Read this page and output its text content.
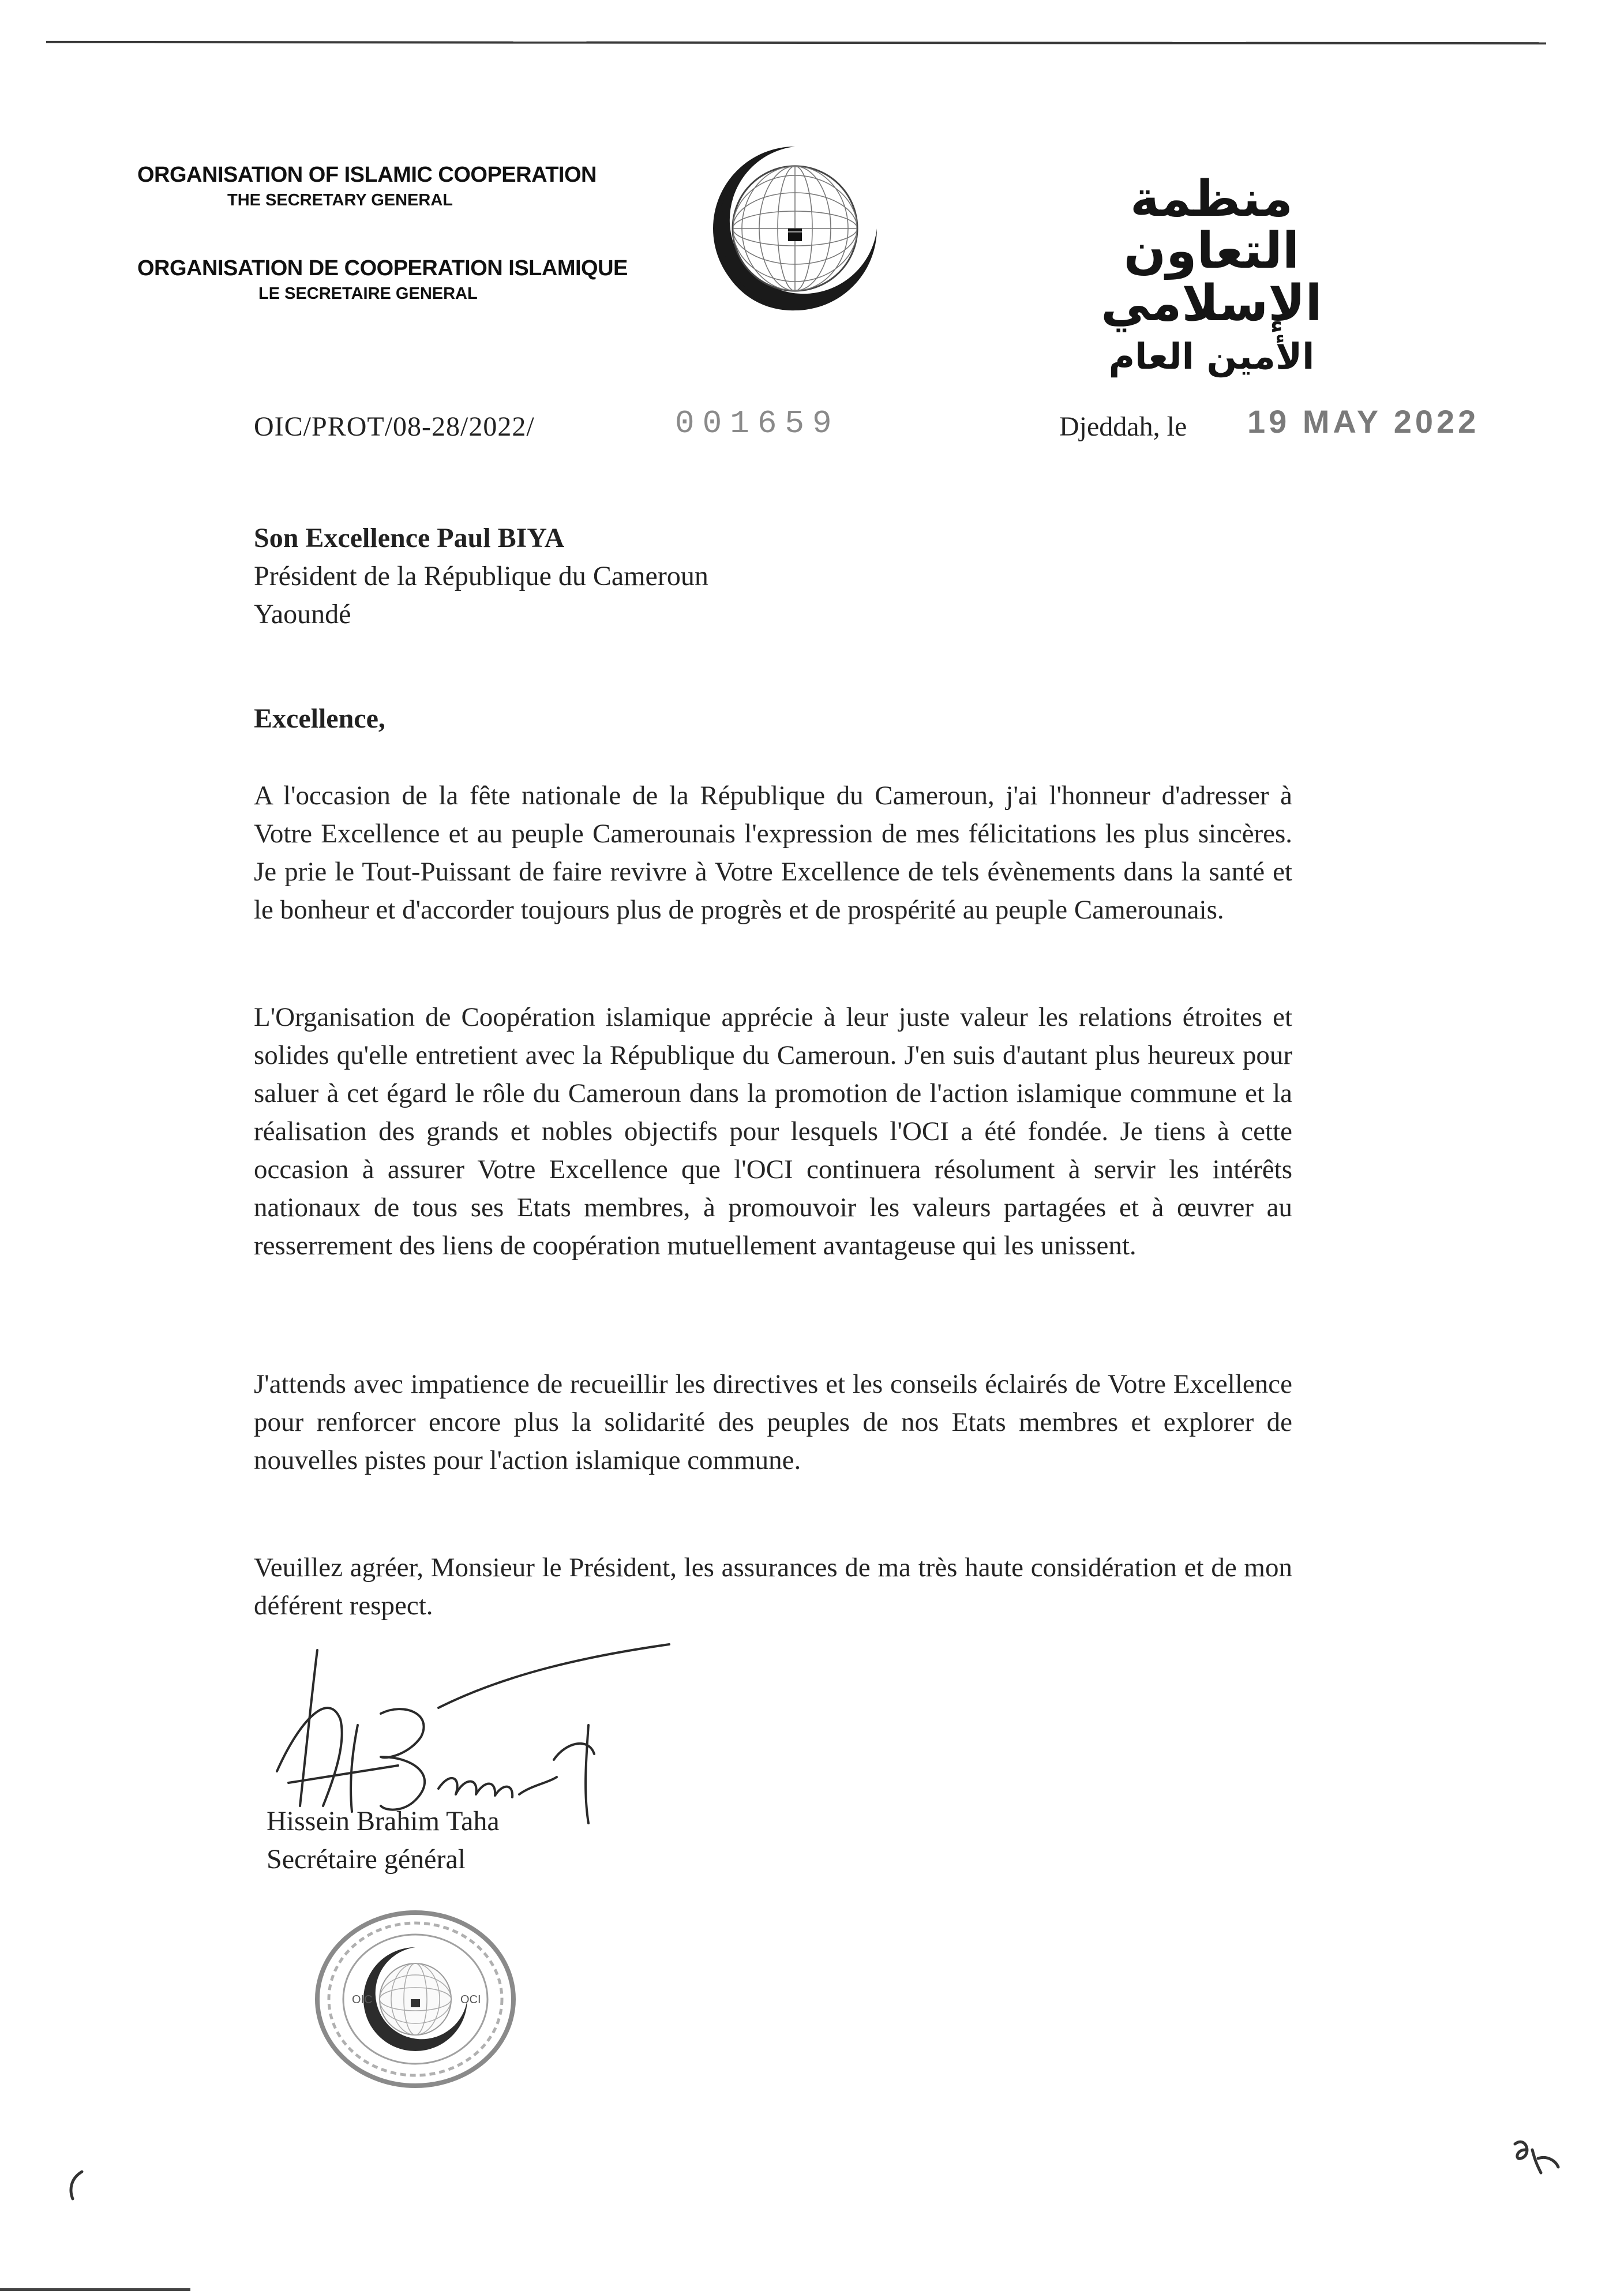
ORGANISATION OF ISLAMIC COOPERATION
THE SECRETARY GENERAL
ORGANISATION DE COOPERATION ISLAMIQUE
LE SECRETAIRE GENERAL
منظمة التعاون الإسلامي
الأمين العام
OIC/PROT/08-28/2022/	001659	Djeddah, le 19 MAY 2022
Son Excellence Paul BIYA
Président de la République du Cameroun
Yaoundé
Excellence,

A l'occasion de la fête nationale de la République du Cameroun, j'ai l'honneur d'adresser à Votre Excellence et au peuple Camerounais l'expression de mes félicitations les plus sincères. Je prie le Tout-Puissant de faire revivre à Votre Excellence de tels évènements dans la santé et le bonheur et d'accorder toujours plus de progrès et de prospérité au peuple Camerounais.

L'Organisation de Coopération islamique apprécie à leur juste valeur les relations étroites et solides qu'elle entretient avec la République du Cameroun. J'en suis d'autant plus heureux pour saluer à cet égard le rôle du Cameroun dans la promotion de l'action islamique commune et la réalisation des grands et nobles objectifs pour lesquels l'OCI a été fondée. Je tiens à cette occasion à assurer Votre Excellence que l'OCI continuera résolument à servir les intérêts nationaux de tous ses Etats membres, à promouvoir les valeurs partagées et à œuvrer au resserrement des liens de coopération mutuellement avantageuse qui les unissent.

J'attends avec impatience de recueillir les directives et les conseils éclairés de Votre Excellence pour renforcer encore plus la solidarité des peuples de nos Etats membres et explorer de nouvelles pistes pour l'action islamique commune.

Veuillez agréer, Monsieur le Président, les assurances de ma très haute considération et de mon déférent respect.

Hissein Brahim Taha
Secrétaire général
OIC	OCI
